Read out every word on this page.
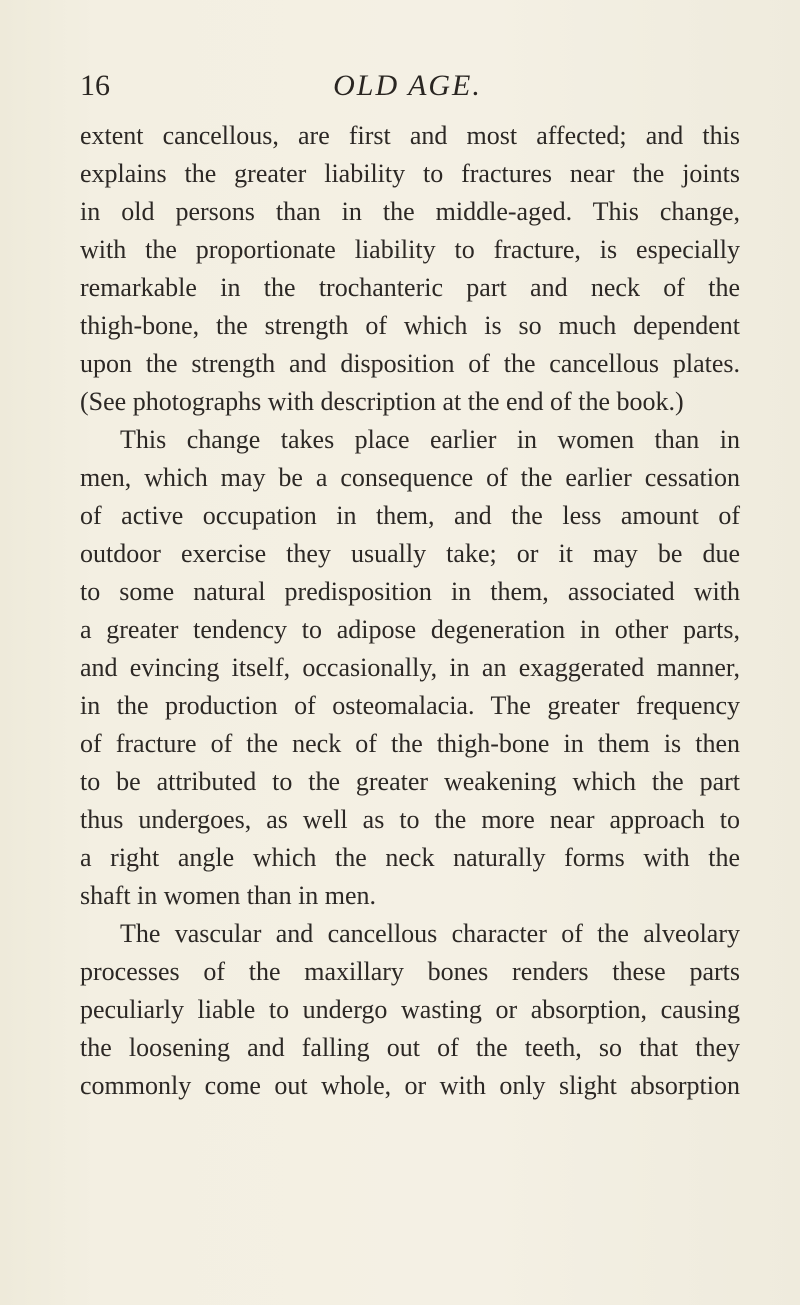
16	OLD AGE.
extent cancellous, are first and most affected; and this
explains the greater liability to fractures near the joints
in old persons than in the middle-aged. This change,
with the proportionate liability to fracture, is especially
remarkable in the trochanteric part and neck of the
thigh-bone, the strength of which is so much dependent
upon the strength and disposition of the cancellous plates.
(See photographs with description at the end of the book.)
This change takes place earlier in women than in
men, which may be a consequence of the earlier cessation
of active occupation in them, and the less amount of
outdoor exercise they usually take; or it may be due
to some natural predisposition in them, associated with
a greater tendency to adipose degeneration in other parts,
and evincing itself, occasionally, in an exaggerated manner,
in the production of osteomalacia. The greater frequency
of fracture of the neck of the thigh-bone in them is then
to be attributed to the greater weakening which the part
thus undergoes, as well as to the more near approach to
a right angle which the neck naturally forms with the
shaft in women than in men.
The vascular and cancellous character of the alveolary
processes of the maxillary bones renders these parts
peculiarly liable to undergo wasting or absorption, causing
the loosening and falling out of the teeth, so that they
commonly come out whole, or with only slight absorption
